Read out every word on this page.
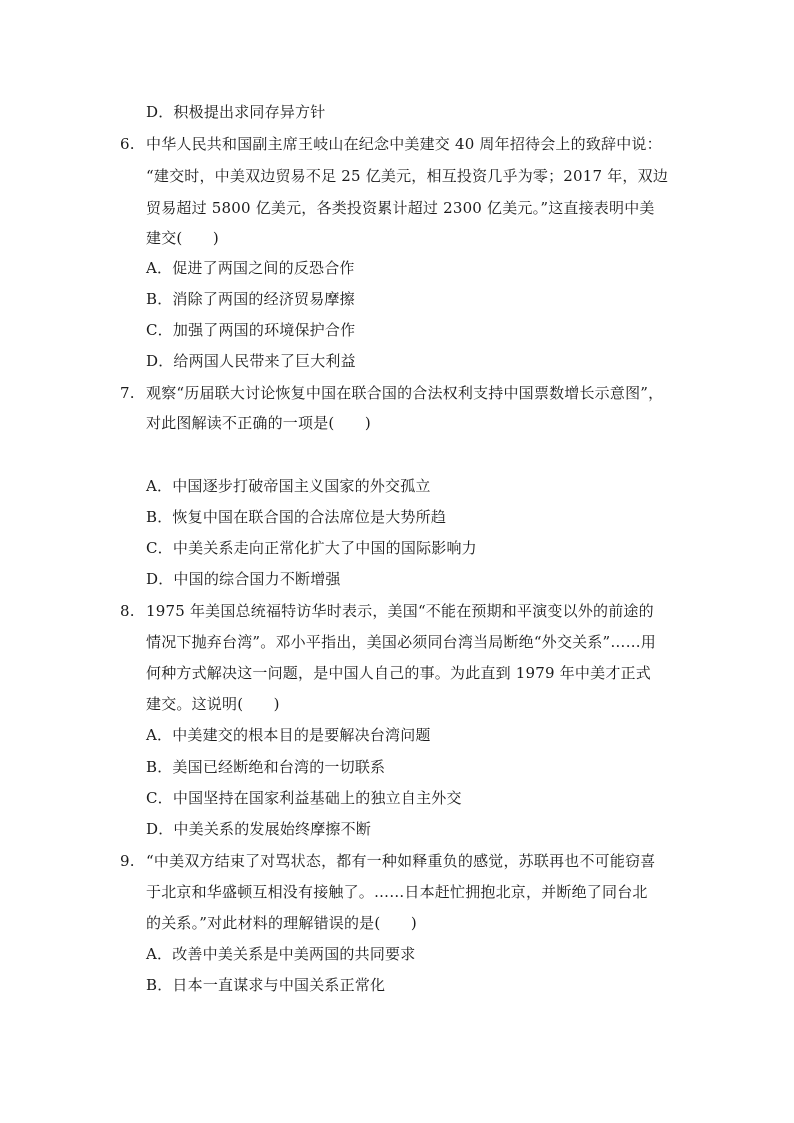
D．积极提出求同存异方针
6. 中华人民共和国副主席王岐山在纪念中美建交 40 周年招待会上的致辞中说：
“建交时，中美双边贸易不足 25 亿美元，相互投资几乎为零；2017 年，双边
贸易超过 5800 亿美元，各类投资累计超过 2300 亿美元。”这直接表明中美
建交(　　)
A．促进了两国之间的反恐合作
B．消除了两国的经济贸易摩擦
C．加强了两国的环境保护合作
D．给两国人民带来了巨大利益
7. 观察“历届联大讨论恢复中国在联合国的合法权利支持中国票数增长示意图”，
对此图解读不正确的一项是(　　)
A．中国逐步打破帝国主义国家的外交孤立
B．恢复中国在联合国的合法席位是大势所趋
C．中美关系走向正常化扩大了中国的国际影响力
D．中国的综合国力不断增强
8. 1975 年美国总统福特访华时表示，美国“不能在预期和平演变以外的前途的
情况下抛弃台湾”。邓小平指出，美国必须同台湾当局断绝“外交关系”……用
何种方式解决这一问题，是中国人自己的事。为此直到 1979 年中美才正式
建交。这说明(　　)
A．中美建交的根本目的是要解决台湾问题
B．美国已经断绝和台湾的一切联系
C．中国坚持在国家利益基础上的独立自主外交
D．中美关系的发展始终摩擦不断
9. “中美双方结束了对骂状态，都有一种如释重负的感觉，苏联再也不可能窃喜
于北京和华盛顿互相没有接触了。……日本赶忙拥抱北京，并断绝了同台北
的关系。”对此材料的理解错误的是(　　)
A．改善中美关系是中美两国的共同要求
B．日本一直谋求与中国关系正常化
